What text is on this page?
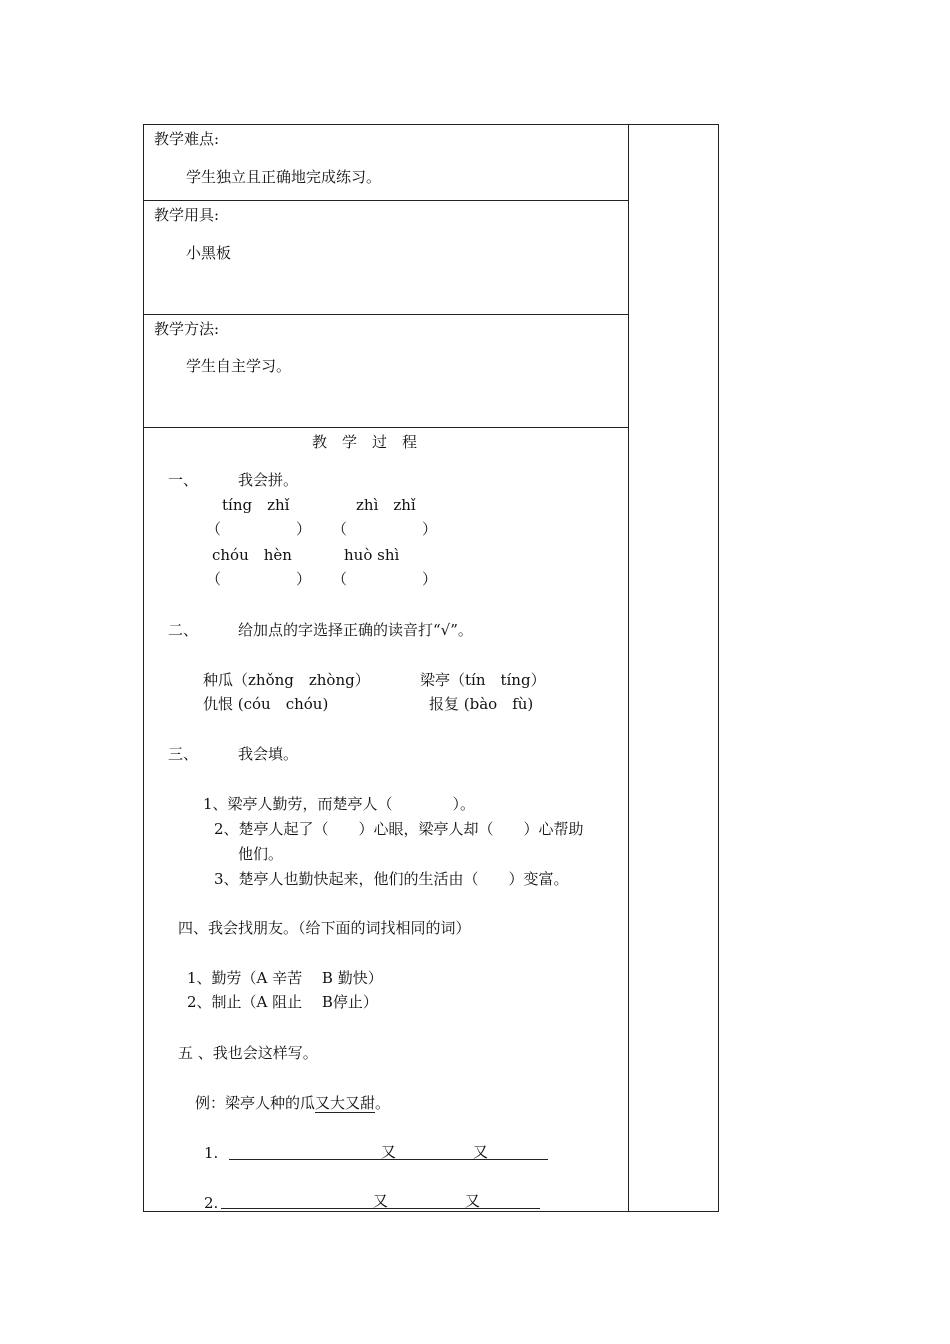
教学难点:
学生独立且正确地完成练习。
教学用具:
小黑板
教学方法:
学生自主学习。
教　学　过　程
一、	我会拼。
tíng　zhǐ	zhì　zhǐ
（　　　　　） （　　　　　）
chóu　hèn	huò shì
（　　　　　） （　　　　　）
二、	给加点的字选择正确的读音打“√”。
种瓜（zhǒng　zhòng）	梁亭（tín　tíng）
仇恨 (cóu　chóu)	报复 (bào　fù)
三、	我会填。
1、梁亭人勤劳，而楚亭人（　　　　）。
2、楚亭人起了（　　）心眼，梁亭人却（　　）心帮助
他们。
3、楚亭人也勤快起来，他们的生活由（　　）变富。
四、我会找朋友。（给下面的词找相同的词）
1、勤劳（A 辛苦　 B 勤快）
2、制止（A 阻止　 B停止）
五 、我也会这样写。
例：梁亭人种的瓜又大又甜。
1.	又	又
2.	又	又
